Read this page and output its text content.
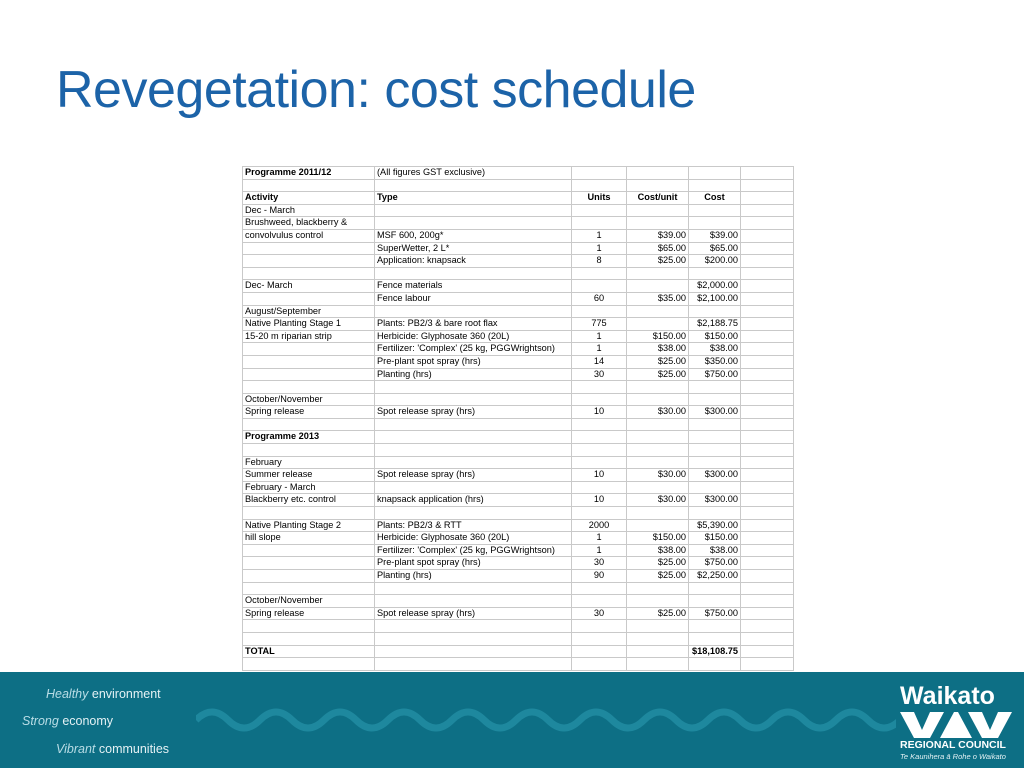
Revegetation: cost schedule
Programme 2011/12	(All figures GST exclusive)				

Activity	Type	Units	Cost/unit	Cost	
Dec - March					
Brushweed, blackberry &					
convolvulus control	MSF 600, 200g*	1	$39.00	$39.00	
	SuperWetter, 2 L*	1	$65.00	$65.00	
	Application: knapsack	8	$25.00	$200.00	

Dec- March	Fence materials			$2,000.00	
	Fence labour	60	$35.00	$2,100.00	
August/September					
Native Planting Stage 1	Plants: PB2/3 & bare root flax	775		$2,188.75	
15-20 m riparian strip	Herbicide: Glyphosate 360 (20L)	1	$150.00	$150.00	
	Fertilizer: 'Complex' (25 kg, PGGWrightson)	1	$38.00	$38.00	
	Pre-plant spot spray (hrs)	14	$25.00	$350.00	
	Planting (hrs)	30	$25.00	$750.00	

October/November					
Spring release	Spot release spray (hrs)	10	$30.00	$300.00	

Programme 2013					

February					
Summer release	Spot release spray (hrs)	10	$30.00	$300.00	
February - March					
Blackberry etc. control	knapsack application (hrs)	10	$30.00	$300.00	

Native Planting Stage 2	Plants: PB2/3 & RTT	2000		$5,390.00	
hill slope	Herbicide: Glyphosate 360 (20L)	1	$150.00	$150.00	
	Fertilizer: 'Complex' (25 kg, PGGWrightson)	1	$38.00	$38.00	
	Pre-plant spot spray (hrs)	30	$25.00	$750.00	
	Planting (hrs)	90	$25.00	$2,250.00	

October/November					
Spring release	Spot release spray (hrs)	30	$25.00	$750.00	

TOTAL				$18,108.75	

Healthy environment
Strong economy
Vibrant communities
Waikato
REGIONAL COUNCIL
Te Kaunihera ā Rohe o Waikato
